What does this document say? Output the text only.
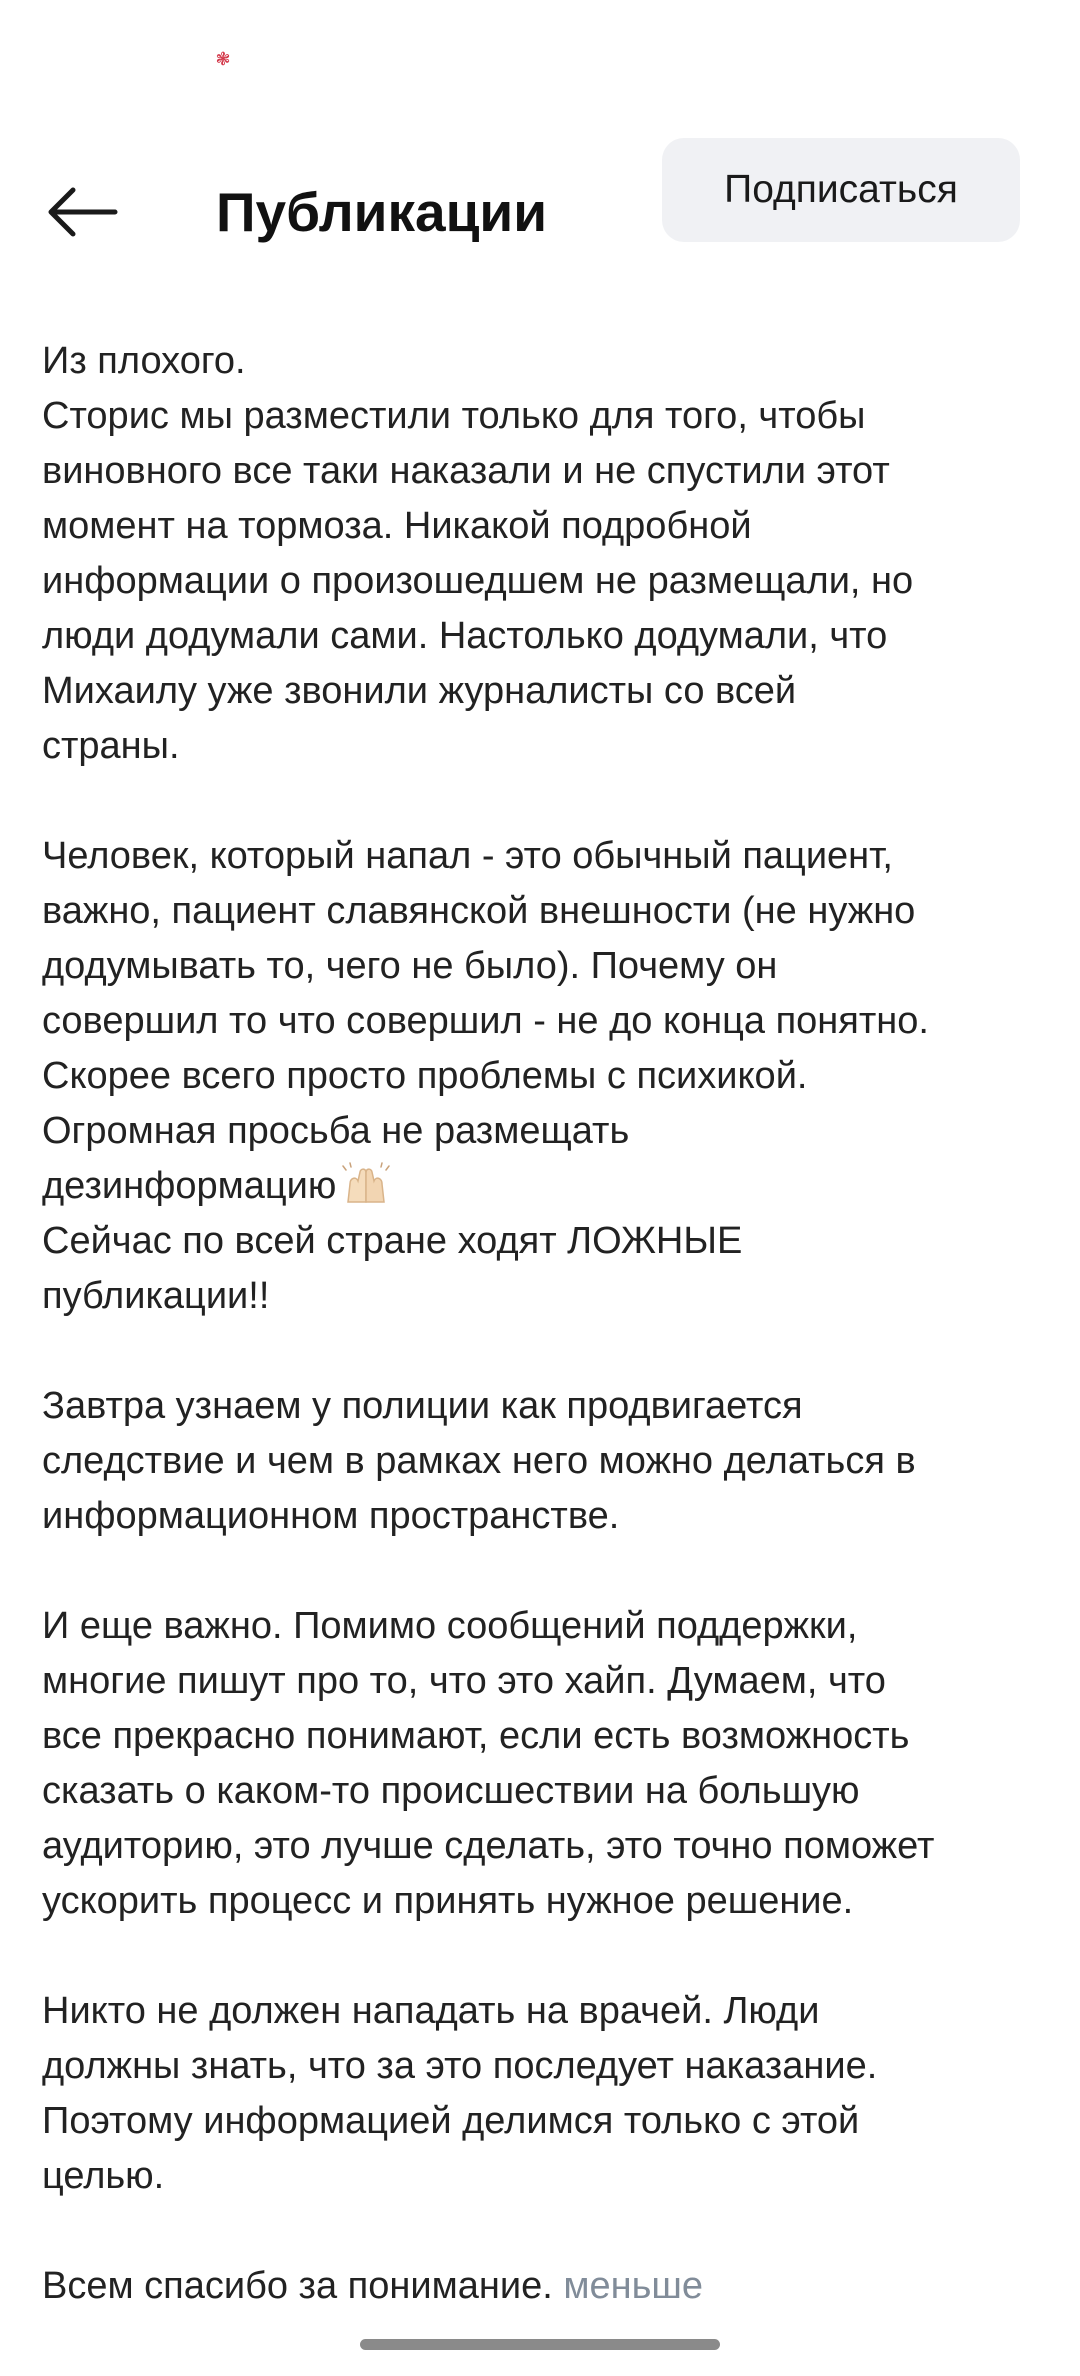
❃
Публикации	Подписаться
Из плохого.
Сторис мы разместили только для того, чтобы
виновного все таки наказали и не спустили этот
момент на тормоза. Никакой подробной
информации о произошедшем не размещали, но
люди додумали сами. Настолько додумали, что
Михаилу уже звонили журналисты со всей
страны.
Человек, который напал - это обычный пациент,
важно, пациент славянской внешности (не нужно
додумывать то, чего не было). Почему он
совершил то что совершил - не до конца понятно.
Скорее всего просто проблемы с психикой.
Огромная просьба не размещать
дезинформацию
Сейчас по всей стране ходят ЛОЖНЫЕ
публикации!!
Завтра узнаем у полиции как продвигается
следствие и чем в рамках него можно делаться в
информационном пространстве.
И еще важно. Помимо сообщений поддержки,
многие пишут про то, что это хайп. Думаем, что
все прекрасно понимают, если есть возможность
сказать о каком-то происшествии на большую
аудиторию, это лучше сделать, это точно поможет
ускорить процесс и принять нужное решение.
Никто не должен нападать на врачей. Люди
должны знать, что за это последует наказание.
Поэтому информацией делимся только с этой
целью.
Всем спасибо за понимание. меньше
